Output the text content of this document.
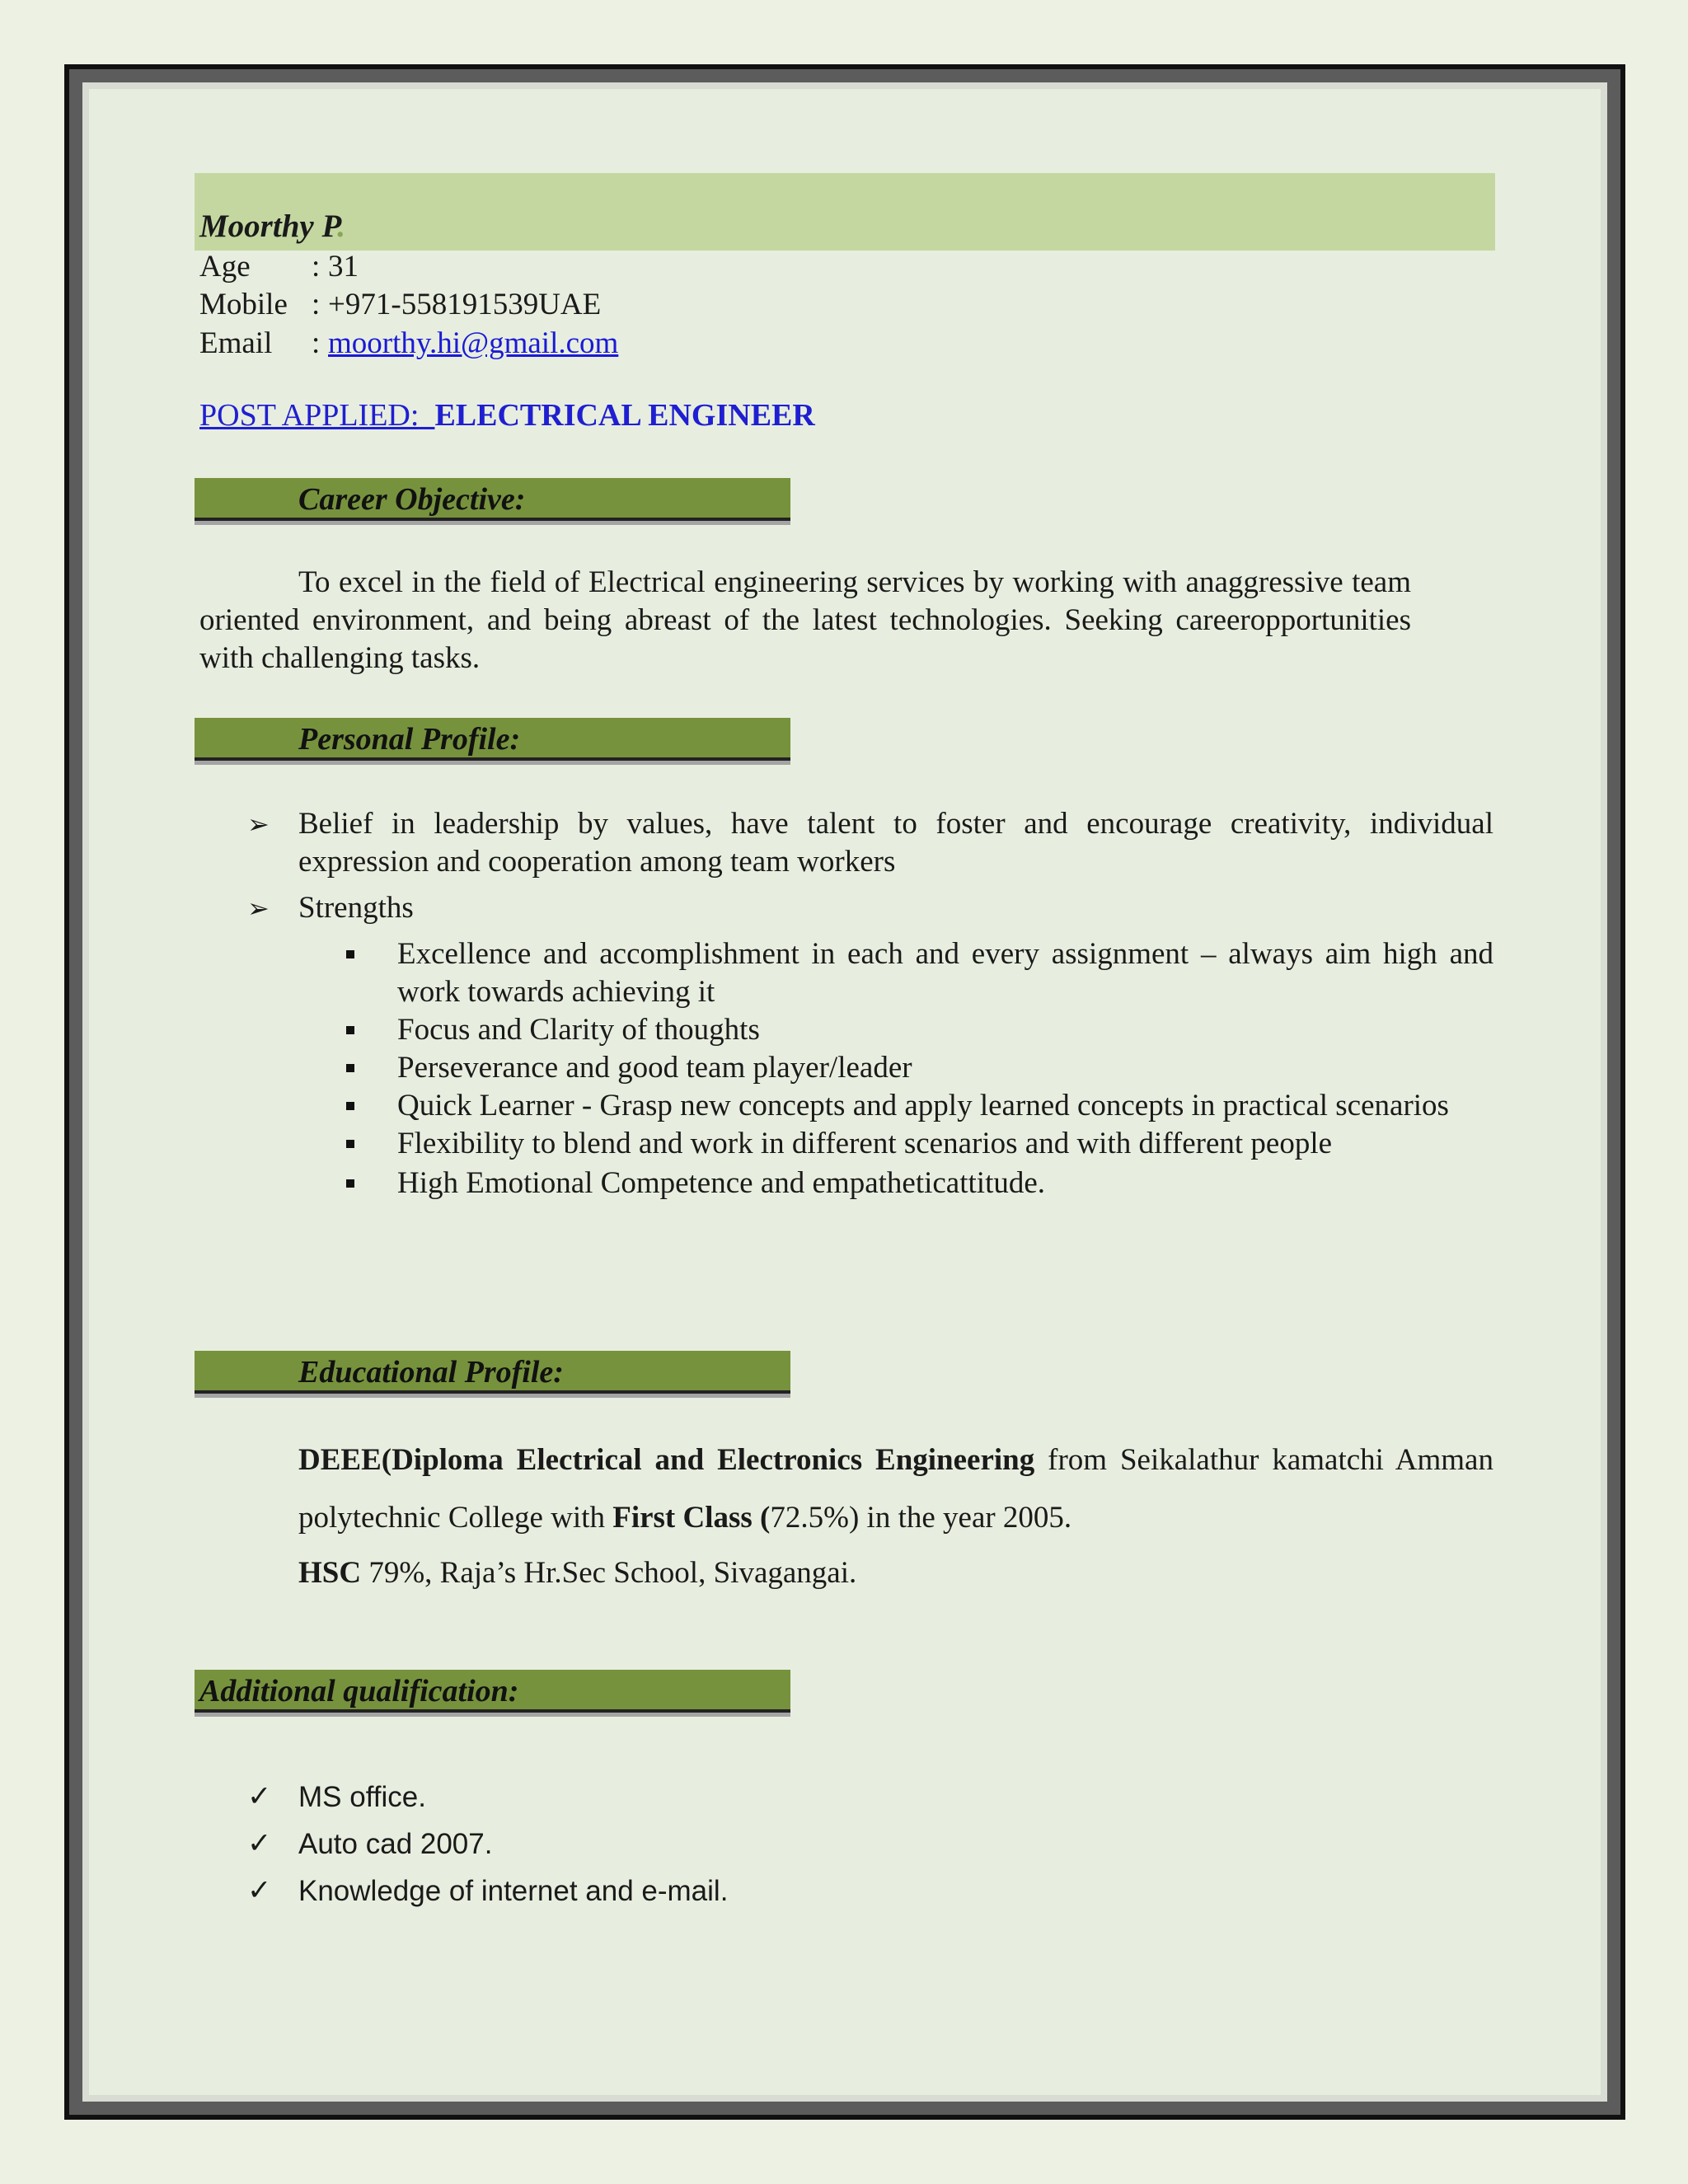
Moorthy P.
Age : 31
Mobile : +971-558191539UAE
Email : moorthy.hi@gmail.com
POST APPLIED: ELECTRICAL ENGINEER
Career Objective:
To excel in the field of Electrical engineering services by working with anaggressive team oriented environment, and being abreast of the latest technologies. Seeking careeropportunities with challenging tasks.
Personal Profile:
➢ Belief in leadership by values, have talent to foster and encourage creativity, individual expression and cooperation among team workers
➢ Strengths
Excellence and accomplishment in each and every assignment – always aim high and work towards achieving it
Focus and Clarity of thoughts
Perseverance and good team player/leader
Quick Learner - Grasp new concepts and apply learned concepts in practical scenarios
Flexibility to blend and work in different scenarios and with different people
High Emotional Competence and empatheticattitude.
Educational Profile:
DEEE(Diploma Electrical and Electronics Engineering from Seikalathur kamatchi Amman polytechnic College with First Class (72.5%) in the year 2005.
HSC 79%, Raja’s Hr.Sec School, Sivagangai.
Additional qualification:
✓ MS office.
✓ Auto cad 2007.
✓ Knowledge of internet and e-mail.
